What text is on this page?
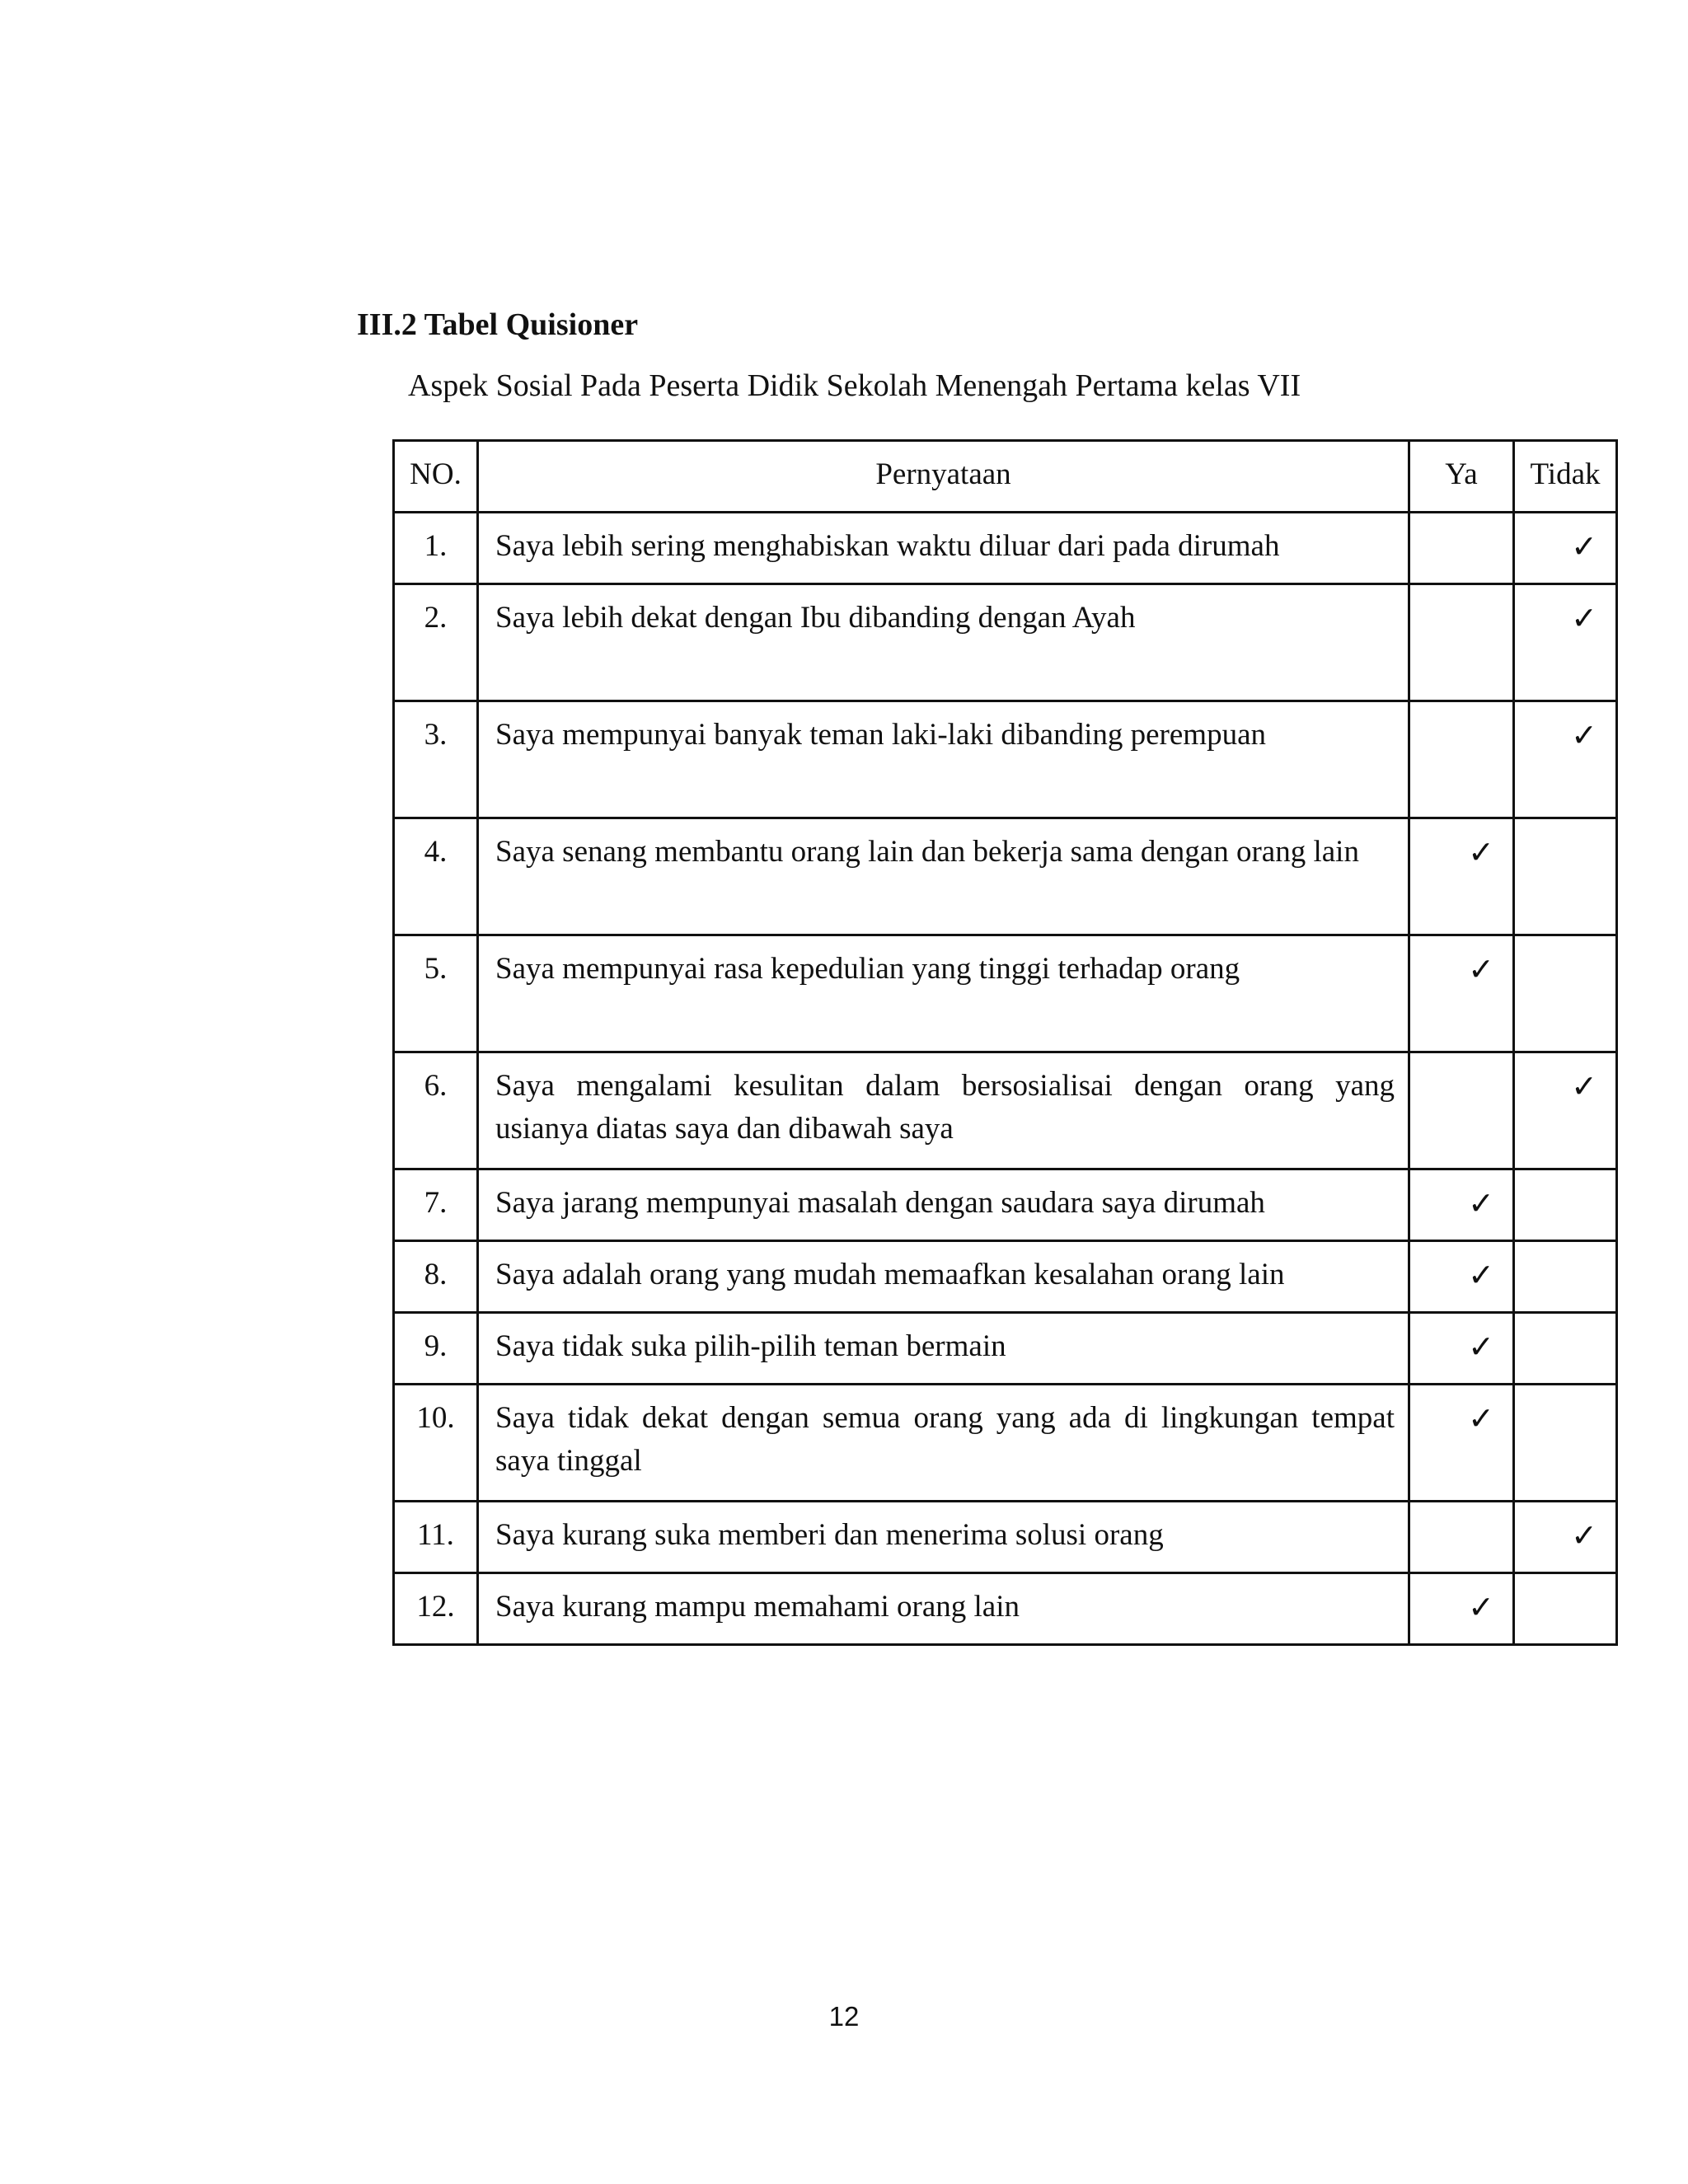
III.2 Tabel Quisioner

Aspek Sosial Pada Peserta Didik Sekolah Menengah Pertama kelas VII

NO.	Pernyataan	Ya	Tidak

1.	Saya lebih sering menghabiskan waktu diluar dari pada dirumah		✓

2.	Saya lebih dekat dengan Ibu dibanding dengan Ayah		✓

3.	Saya mempunyai banyak teman laki-laki dibanding perempuan		✓

4.	Saya senang membantu orang lain dan bekerja sama dengan orang lain	✓	

5.	Saya mempunyai rasa kepedulian yang tinggi terhadap orang	✓	

6.	Saya mengalami kesulitan dalam bersosialisai dengan orang yang usianya diatas saya dan dibawah saya		✓

7.	Saya jarang mempunyai masalah dengan saudara saya dirumah	✓	

8.	Saya adalah orang yang mudah memaafkan kesalahan orang lain	✓	

9.	Saya tidak suka pilih-pilih teman bermain	✓	

10.	Saya tidak dekat dengan semua orang yang ada di lingkungan tempat saya tinggal	✓	

11.	Saya kurang suka memberi dan menerima solusi orang		✓

12.	Saya kurang mampu memahami orang lain	✓	

12
